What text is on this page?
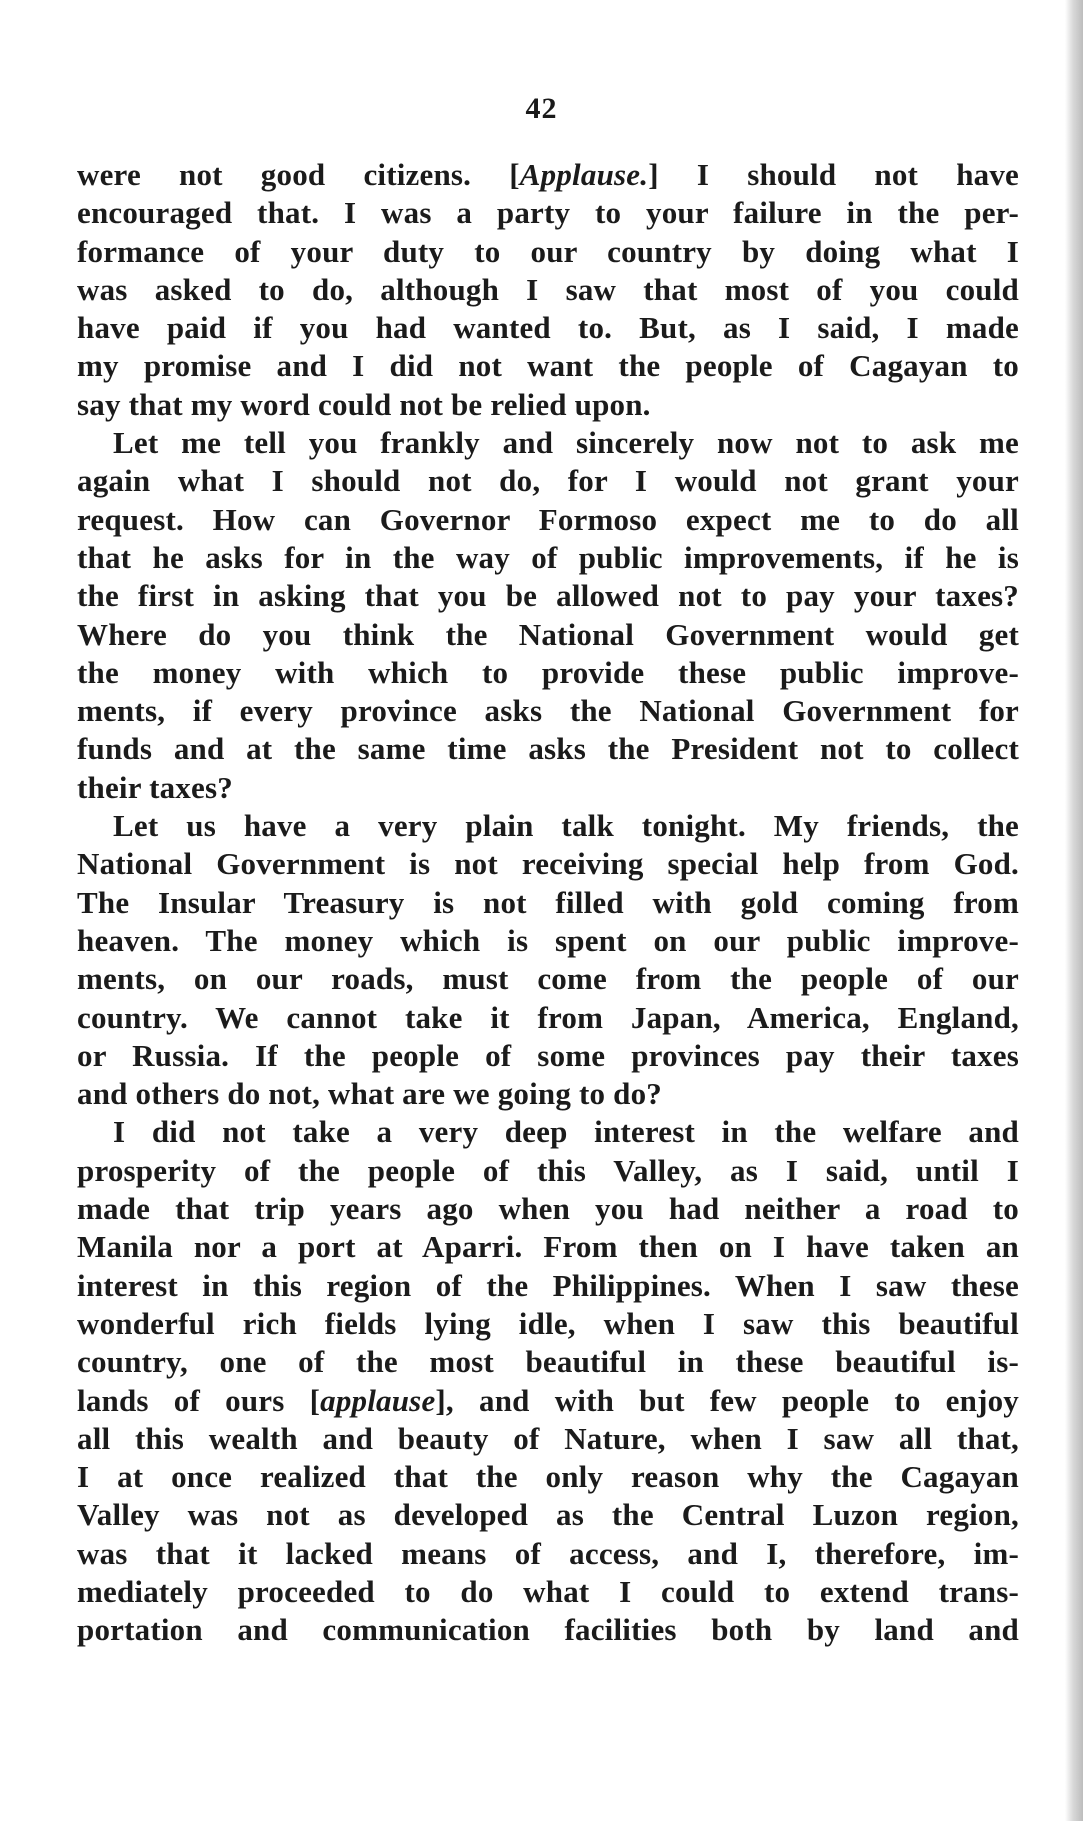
42
were not good citizens. [Applause.] I should not have
encouraged that. I was a party to your failure in the per-
formance of your duty to our country by doing what I
was asked to do, although I saw that most of you could
have paid if you had wanted to. But, as I said, I made
my promise and I did not want the people of Cagayan to
say that my word could not be relied upon.
Let me tell you frankly and sincerely now not to ask me
again what I should not do, for I would not grant your
request. How can Governor Formoso expect me to do all
that he asks for in the way of public improvements, if he is
the first in asking that you be allowed not to pay your taxes?
Where do you think the National Government would get
the money with which to provide these public improve-
ments, if every province asks the National Government for
funds and at the same time asks the President not to collect
their taxes?
Let us have a very plain talk tonight. My friends, the
National Government is not receiving special help from God.
The Insular Treasury is not filled with gold coming from
heaven. The money which is spent on our public improve-
ments, on our roads, must come from the people of our
country. We cannot take it from Japan, America, England,
or Russia. If the people of some provinces pay their taxes
and others do not, what are we going to do?
I did not take a very deep interest in the welfare and
prosperity of the people of this Valley, as I said, until I
made that trip years ago when you had neither a road to
Manila nor a port at Aparri. From then on I have taken an
interest in this region of the Philippines. When I saw these
wonderful rich fields lying idle, when I saw this beautiful
country, one of the most beautiful in these beautiful is-
lands of ours [applause], and with but few people to enjoy
all this wealth and beauty of Nature, when I saw all that,
I at once realized that the only reason why the Cagayan
Valley was not as developed as the Central Luzon region,
was that it lacked means of access, and I, therefore, im-
mediately proceeded to do what I could to extend trans-
portation and communication facilities both by land and
